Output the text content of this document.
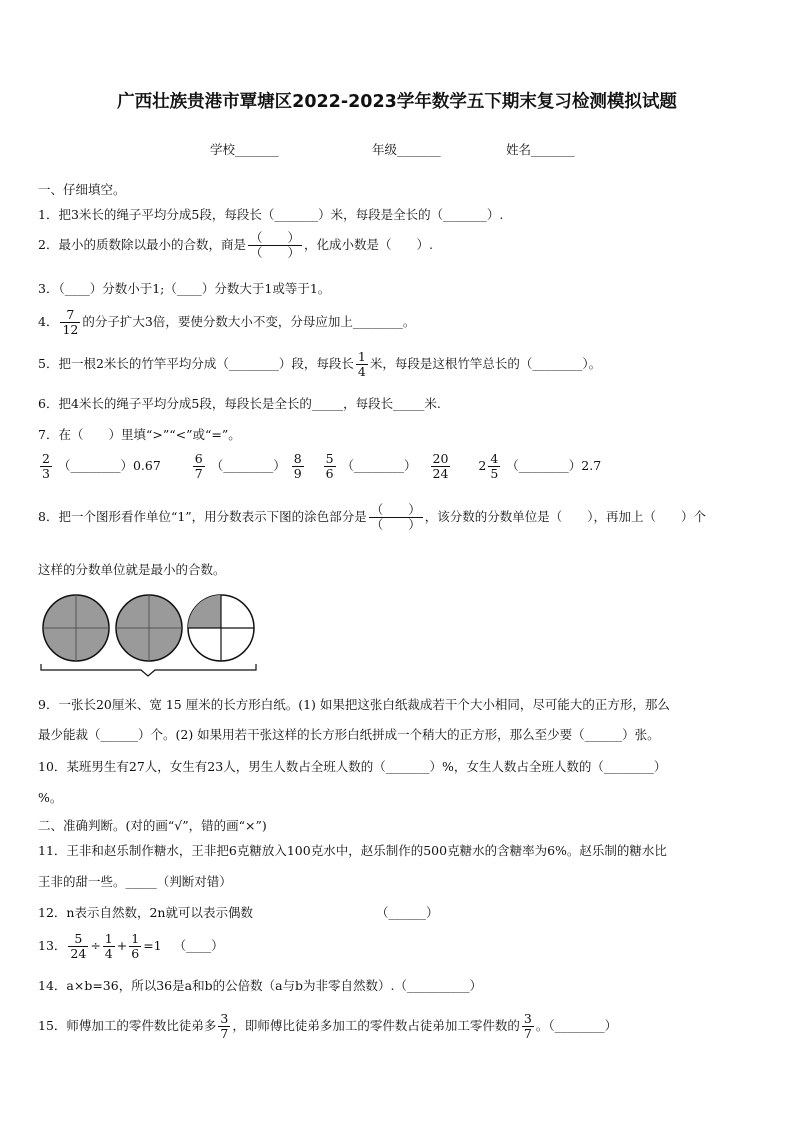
广西壮族贵港市覃塘区2022-2023学年数学五下期末复习检测模拟试题
学校_______	年级_______	姓名_______
一、仔细填空。
1．把3米长的绳子平均分成5段，每段长（_______）米，每段是全长的（_______）.
2．最小的质数除以最小的合数，商是 $\frac{( )}{( )}$ ，化成小数是（　　）.
3．（____）分数小于1;（____）分数大于1或等于1。
4． $\frac{7}{12}$ 的分子扩大3倍，要使分数大小不变，分母应加上________。
5．把一根2米长的竹竿平均分成（________）段，每段长 $\frac{1}{4}$ 米，每段是这根竹竿总长的（________）。
6．把4米长的绳子平均分成5段，每段长是全长的_____，每段长_____米.
7．在（　　）里填“>”“<”或“=”。
$\frac{2}{3}$ （________）0.67	$\frac{6}{7}$ （________） $\frac{8}{9}$
$\frac{5}{6}$ （________） $\frac{20}{24} 2 \frac{4}{5}$ （________）2.7
8．把一个图形看作单位“1”，用分数表示下图的涂色部分是 $\frac{( )}{( )}$ ，该分数的分数单位是（　　），再加上（　　）个
这样的分数单位就是最小的合数。
9．一张长20厘米、宽 15 厘米的长方形白纸。(1) 如果把这张白纸裁成若干个大小相同，尽可能大的正方形，那么
最少能裁（______）个。(2) 如果用若干张这样的长方形白纸拼成一个稍大的正方形，那么至少要（______）张。
10．某班男生有27人，女生有23人，男生人数占全班人数的（_______）%，女生人数占全班人数的（________）
%。
二、准确判断。(对的画“√”，错的画“×”)
11．王非和赵乐制作糖水，王非把6克糖放入100克水中，赵乐制作的500克糖水的含糖率为6%。赵乐制的糖水比
王非的甜一些。_____（判断对错）
12．n表示自然数，2n就可以表示偶数	（______）
13． $\frac{5}{24} \div \frac{1}{4} + \frac{1}{6} =1$ （____）
14．a×b=36，所以36是a和b的公倍数（a与b为非零自然数）.（__________）
15．师傅加工的零件数比徒弟多 $\frac{3}{7}$ ，即师傅比徒弟多加工的零件数占徒弟加工零件数的 $\frac{3}{7}$ 。（________）
